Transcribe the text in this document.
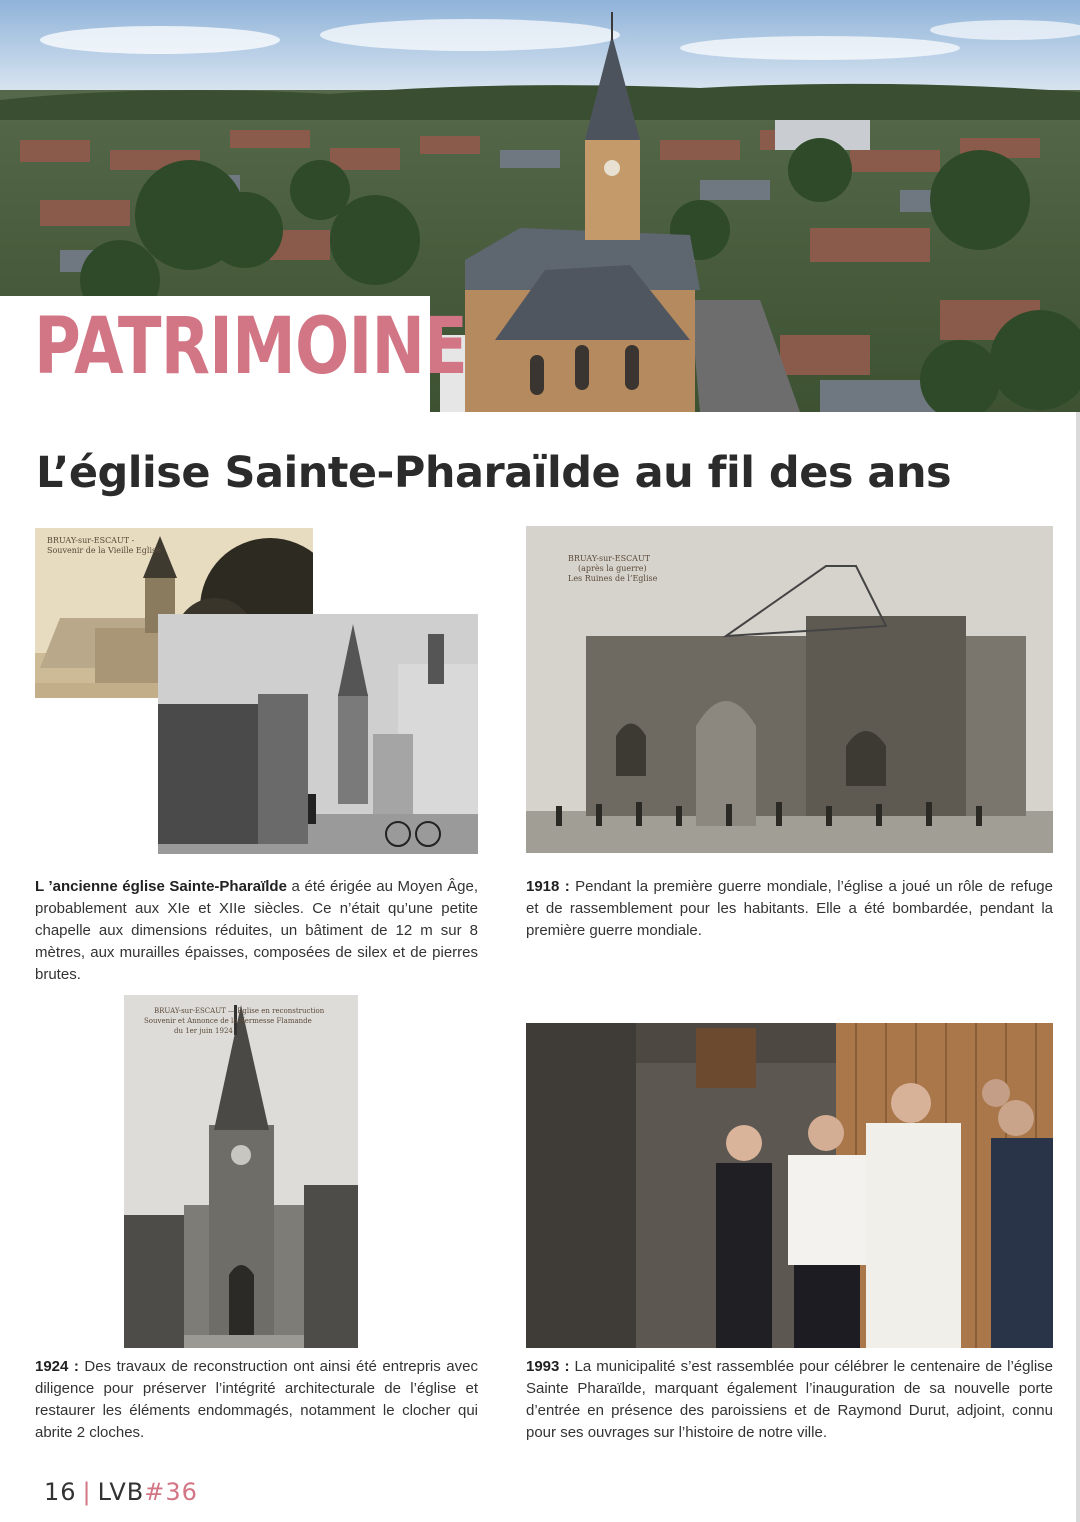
PATRIMOINE
L’église Sainte-Pharaïlde au fil des ans
BRUAY-sur-ESCAUT - Souvenir de la Vieille Eglise
BRUAY-sur-ESCAUT
(après la guerre)
Les Ruines de l’Eglise

L ’ancienne église Sainte-Pharaïlde a été érigée au Moyen Âge, probablement aux XIe et XIIe siècles. Ce n’était qu’une petite chapelle aux dimensions réduites, un bâtiment de 12 m sur 8 mètres, aux murailles épaisses, composées de silex et de pierres brutes.

1918 : Pendant la première guerre mondiale, l’église a joué un rôle de refuge et de rassemblement pour les habitants. Elle a été bombardée, pendant la première guerre mondiale.

BRUAY-sur-ESCAUT — Eglise en reconstruction
Souvenir et Annonce de la Kermesse Flamande
du 1er juin 1924

1924 : Des travaux de reconstruction ont ainsi été entrepris avec diligence pour préserver l’intégrité architecturale de l’église et restaurer les éléments endommagés, notamment le clocher qui abrite 2 cloches.

1993 : La municipalité s’est rassemblée pour célébrer le centenaire de l’église Sainte Pharaïlde, marquant également l’inauguration de sa nouvelle porte d’entrée en présence des paroissiens et de Raymond Durut, adjoint, connu pour ses ouvrages sur l’histoire de notre ville.

16 | LVB#36
